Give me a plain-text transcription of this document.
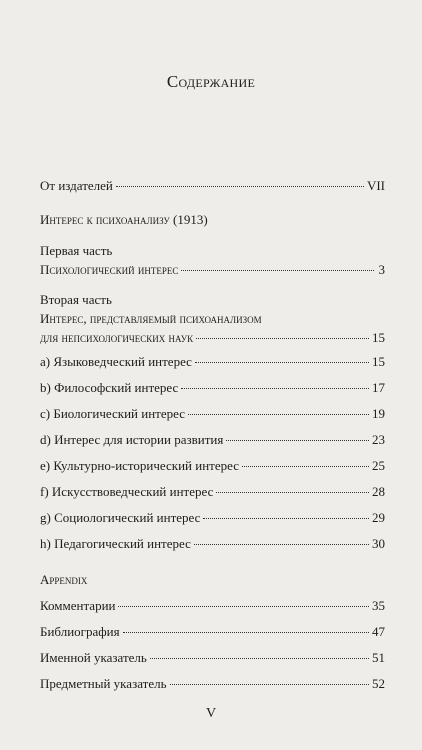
Содержание
От издателей	VII
Интерес к психоанализу (1913)
Первая часть
Психологический интерес	3
Вторая часть
Интерес, представляемый психоанализом
для непсихологических наук	15
a) Языковедческий интерес	15
b) Философский интерес	17
c) Биологический интерес	19
d) Интерес для истории развития	23
e) Культурно-исторический интерес	25
f) Искусствоведческий интерес	28
g) Социологический интерес	29
h) Педагогический интерес	30
Appendix
Комментарии	35
Библиография	47
Именной указатель	51
Предметный указатель	52
V
